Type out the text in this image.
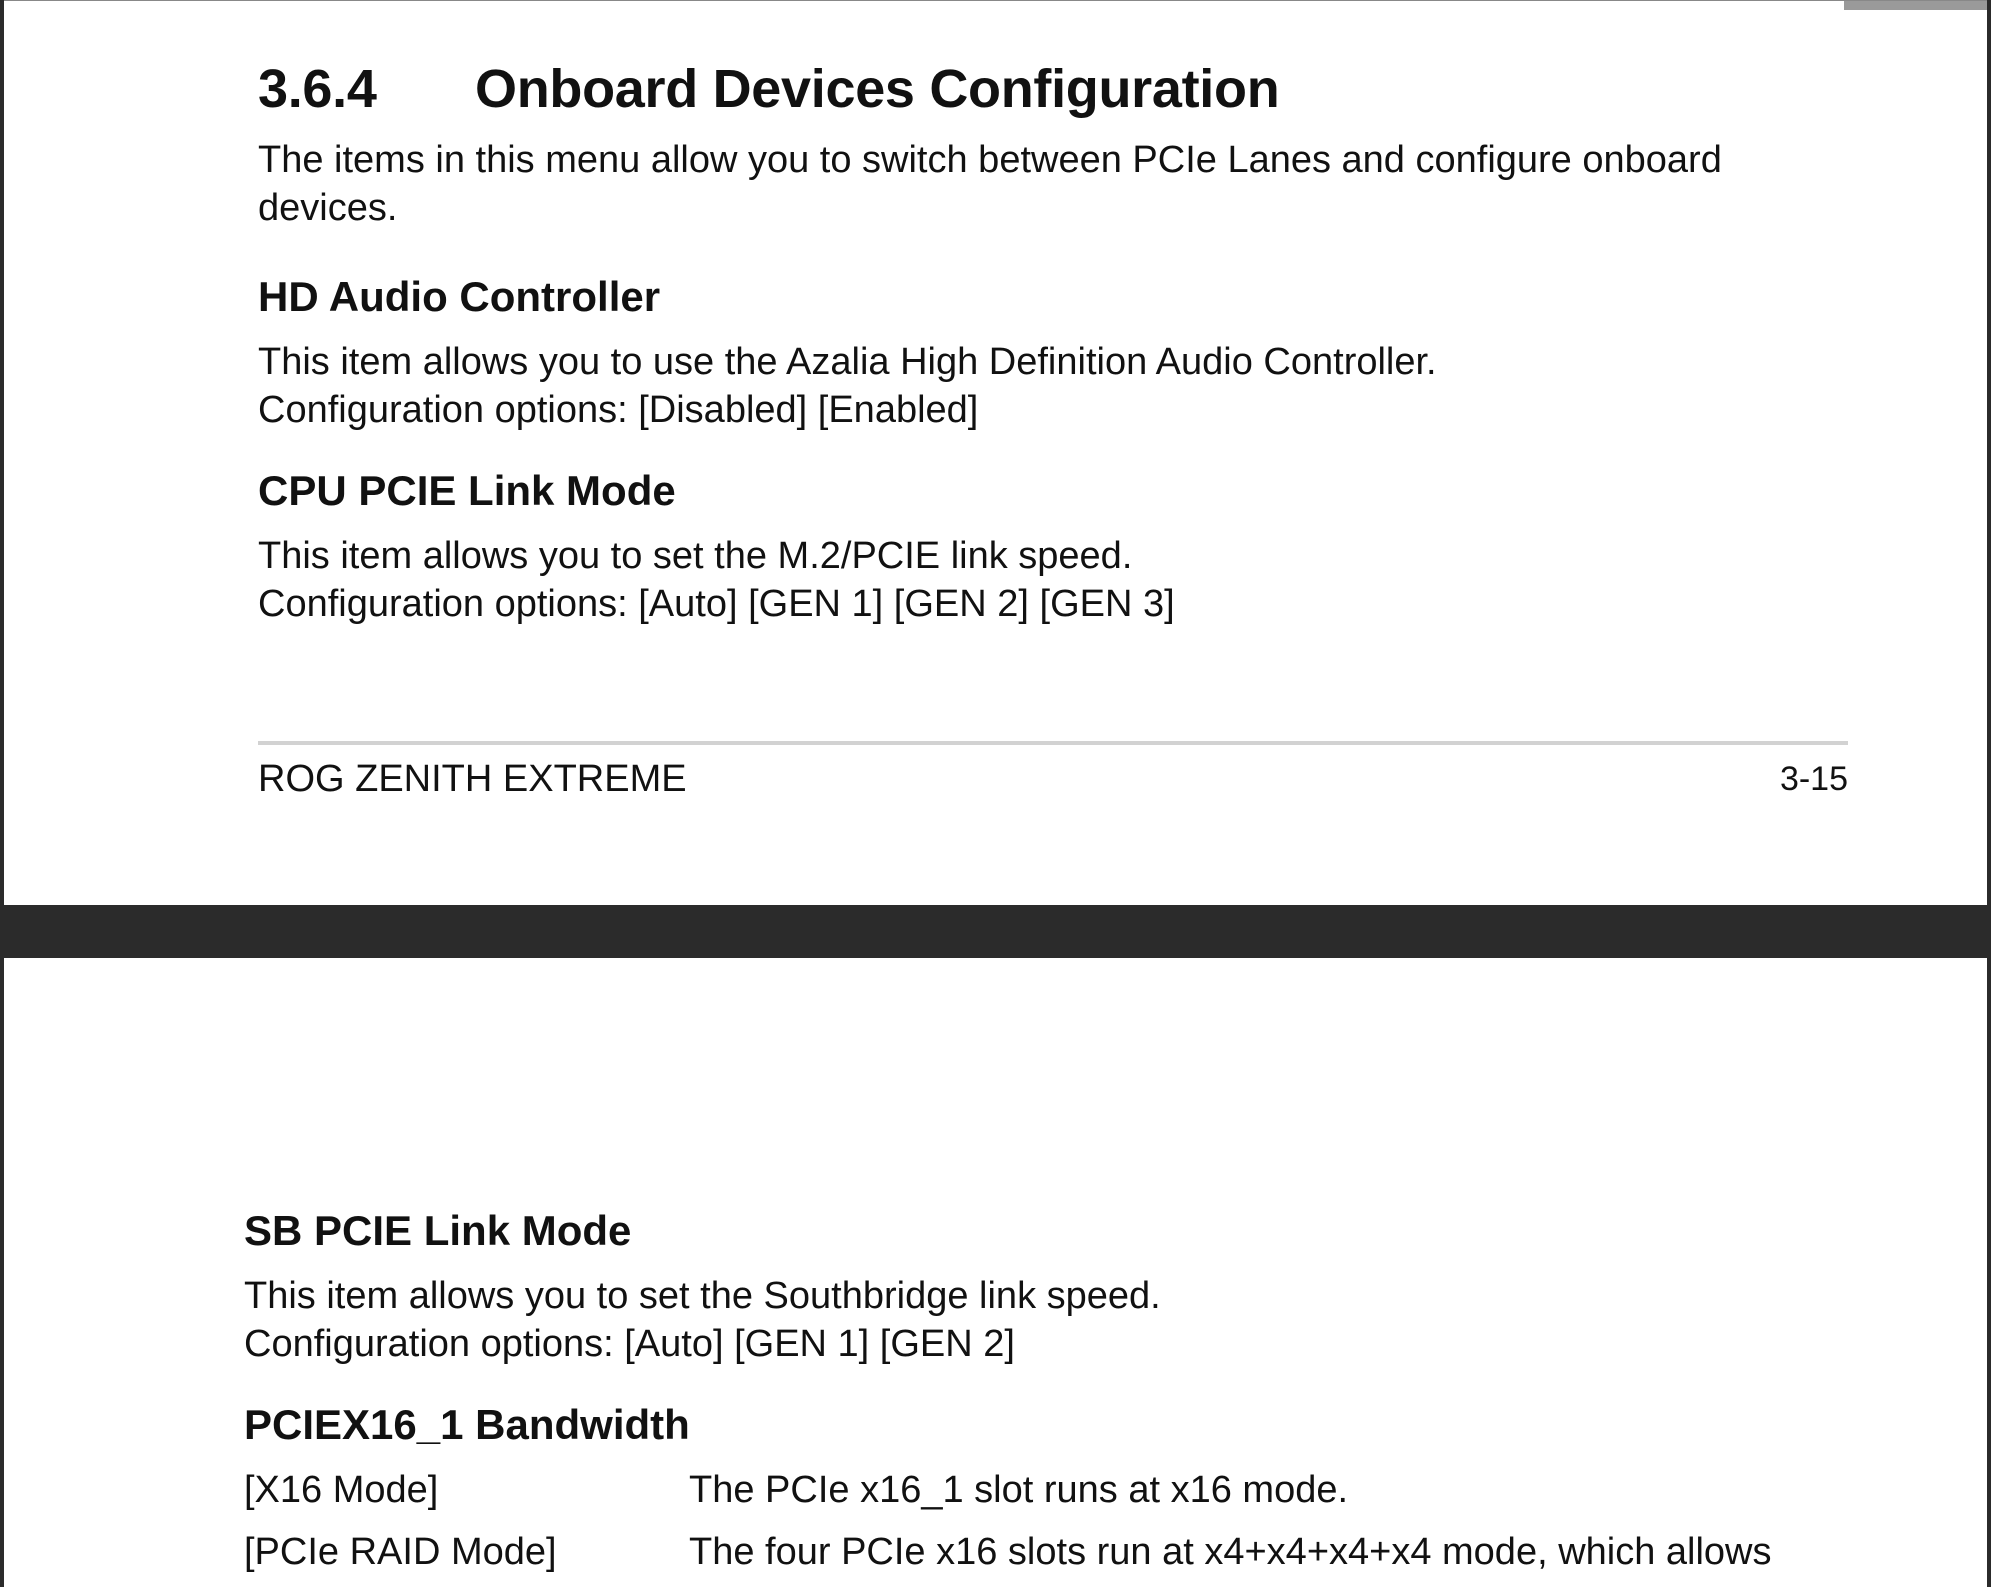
3.6.4 Onboard Devices Configuration

The items in this menu allow you to switch between PCIe Lanes and configure onboard

devices.

HD Audio Controller

This item allows you to use the Azalia High Definition Audio Controller.

Configuration options: [Disabled] [Enabled]

CPU PCIE Link Mode

This item allows you to set the M.2/PCIE link speed.

Configuration options: [Auto] [GEN 1] [GEN 2] [GEN 3]

ROG ZENITH EXTREME	3-15
SB PCIE Link Mode

This item allows you to set the Southbridge link speed.

Configuration options: [Auto] [GEN 1] [GEN 2]

PCIEX16_1 Bandwidth
[X16 Mode]	The PCIe x16_1 slot runs at x16 mode.
[PCIe RAID Mode]	The four PCIe x16 slots run at x4+x4+x4+x4 mode, which allows
